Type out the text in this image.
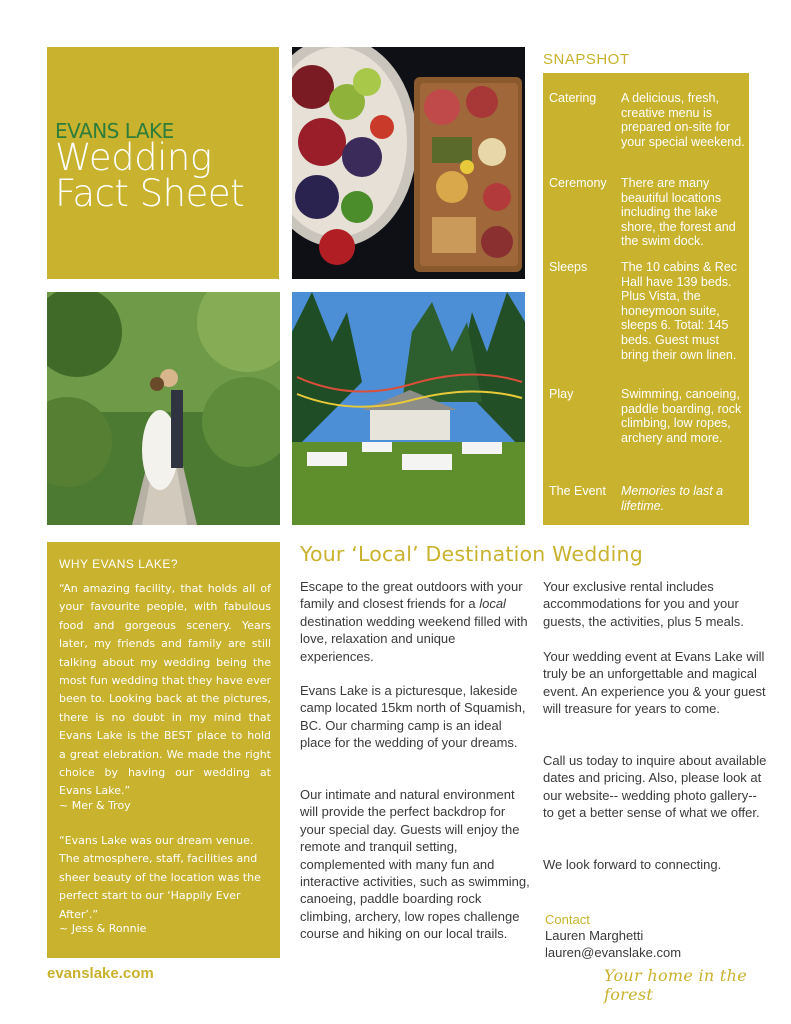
EVANS LAKE
Wedding
Fact Sheet
SNAPSHOT
Catering	A delicious, fresh, creative menu is prepared on-site for your special weekend.
Ceremony	There are many beautiful locations including the lake shore, the forest and the swim dock.
Sleeps	The 10 cabins & Rec Hall have 139 beds. Plus Vista, the honeymoon suite, sleeps 6. Total: 145 beds. Guest must bring their own linen.
Play	Swimming, canoeing, paddle boarding, rock climbing, low ropes, archery and more.
The Event	Memories to last a lifetime.
WHY EVANS LAKE?
“An amazing facility, that holds all of your favourite people, with fabulous food and gorgeous scenery. Years later, my friends and family are still talking about my wedding being the most fun wedding that they have ever been to. Looking back at the pictures, there is no doubt in my mind that Evans Lake is the BEST place to hold a great elebration. We made the right choice by having our wedding at Evans Lake.”
~ Mer & Troy
“Evans Lake was our dream venue. The atmosphere, staff, facilities and sheer beauty of the location was the perfect start to our ‘Happily Ever After’.”
~ Jess & Ronnie
evanslake.com
Your ‘Local’ Destination Wedding
Escape to the great outdoors with your family and closest friends for a local destination wedding weekend filled with love, relaxation and unique experiences.
Evans Lake is a picturesque, lakeside camp located 15km north of Squamish, BC. Our charming camp is an ideal place for the wedding of your dreams.
Our intimate and natural environment will provide the perfect backdrop for your special day. Guests will enjoy the remote and tranquil setting, complemented with many fun and interactive activities, such as swimming, canoeing, paddle boarding rock climbing, archery, low ropes challenge course and hiking on our local trails.
Your exclusive rental includes accommodations for you and your guests, the activities, plus 5 meals.
Your wedding event at Evans Lake will truly be an unforgettable and magical event. An experience you & your guest will treasure for years to come.
Call us today to inquire about available dates and pricing. Also, please look at our website-- wedding photo gallery-- to get a better sense of what we offer.
We look forward to connecting.
Contact
Lauren Marghetti
lauren@evanslake.com
Your home in the forest
